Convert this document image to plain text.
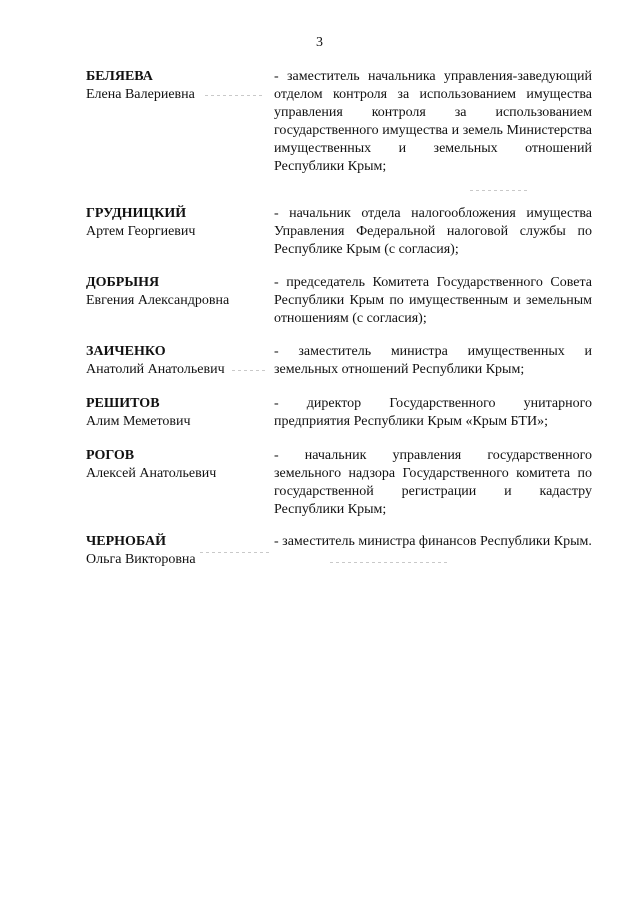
3
БЕЛЯЕВА
Елена Валериевна
- заместитель начальника управления-заведующий отделом контроля за использованием имущества управления контроля за использованием государственного имущества и земель Министерства имущественных и земельных отношений Республики Крым;
ГРУДНИЦКИЙ
Артем Георгиевич
- начальник отдела налогообложения имущества Управления Федеральной налоговой службы по Республике Крым (с согласия);
ДОБРЫНЯ
Евгения Александровна
- председатель Комитета Государственного Совета Республики Крым по имущественным и земельным отношениям (с согласия);
ЗАИЧЕНКО
Анатолий Анатольевич
- заместитель министра имущественных и земельных отношений Республики Крым;
РЕШИТОВ
Алим Меметович
- директор Государственного унитарного предприятия Республики Крым «Крым БТИ»;
РОГОВ
Алексей Анатольевич
- начальник управления государственного земельного надзора Государственного комитета по государственной регистрации и кадастру Республики Крым;
ЧЕРНОБАЙ
Ольга Викторовна
- заместитель министра финансов Республики Крым.
